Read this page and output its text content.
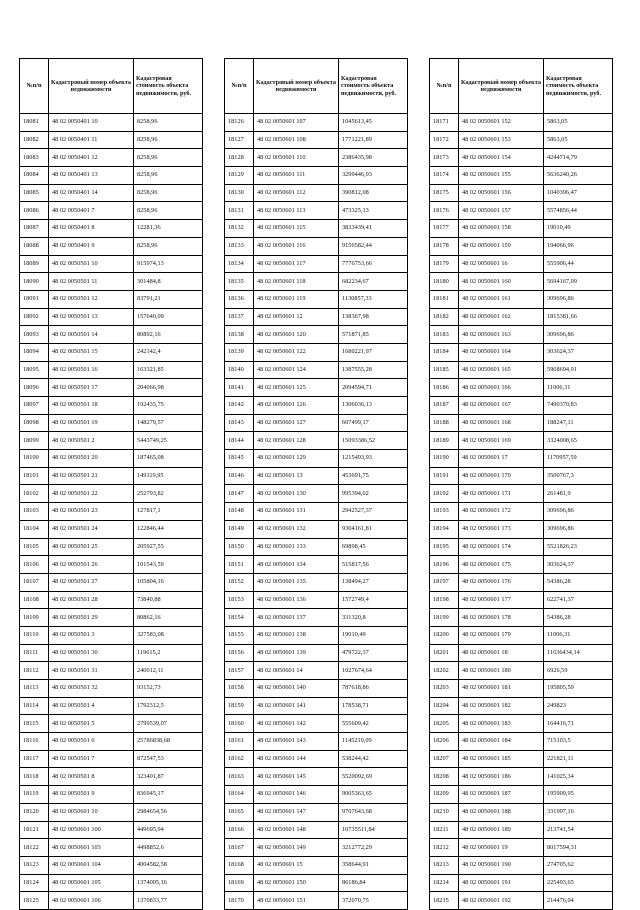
№п/п	Кадастровый номер объекта недвижимости	Кадастровая стоимость объекта недвижимости, руб.
18081	48 02 0050401 10	8258,96
18082	48 02 0050401 11	8258,96
18083	48 02 0050401 12	8258,96
18084	48 02 0050401 13	8258,96
18085	48 02 0050401 14	8258,96
18086	48 02 0050401 7	8258,96
18087	48 02 0050401 8	12281,36
18088	48 02 0050401 9	8258,96
18089	48 02 0050501 10	915974,13
18090	48 02 0050501 11	301484,8
18091	48 02 0050501 12	83791,21
18092	48 02 0050501 13	157640,09
18093	48 02 0050501 14	80892,16
18094	48 02 0050501 15	242142,4
18095	48 02 0050501 16	163321,85
18096	48 02 0050501 17	204066,98
18097	48 02 0050501 18	192435,75
18098	48 02 0050501 19	148279,57
18099	48 02 0050501 2	5443749,25
18100	48 02 0050501 20	187465,08
18101	48 02 0050501 21	149119,95
18102	48 02 0050501 22	252793,82
18103	48 02 0050501 23	127817,1
18104	48 02 0050501 24	122846,44
18105	48 02 0050501 25	205927,55
18106	48 02 0050501 26	101543,59
18107	48 02 0050501 27	105804,16
18108	48 02 0050501 28	73840,88
18109	48 02 0050501 29	80862,16
18110	48 02 0050501 3	327583,08
18111	48 02 0050501 30	119615,2
18112	48 02 0050501 31	240012,11
18113	48 02 0050501 32	93152,73
18114	48 02 0050501 4	1792312,5
18115	48 02 0050501 5	2799539,07
18116	48 02 0050501 6	25786838,68
18117	48 02 0050501 7	872547,53
18118	48 02 0050501 8	323401,87
18119	48 02 0050501 9	836945,17
18120	48 02 0050601 10	2984654,56
18121	48 02 0050601 100	449695,94
18122	48 02 0050601 103	4498852,6
18123	48 02 0050601 104	4004582,58
18124	48 02 0050601 105	1374005,16
18125	48 02 0050601 106	1370833,77
№п/п	Кадастровый номер объекта недвижимости	Кадастровая стоимость объекта недвижимости, руб.
18126	48 02 0050601 107	1045613,45
18127	48 02 0050601 108	1771221,89
18128	48 02 0050601 110	2386435,98
18129	48 02 0050601 111	3299446,93
18130	48 02 0050601 112	390812,08
18131	48 02 0050601 113	473325,13
18132	48 02 0050601 115	3833439,41
18133	48 02 0050601 116	9150582,44
18134	48 02 0050601 117	7776753,66
18135	48 02 0050601 118	682234,67
18136	48 02 0050601 119	1130857,33
18137	48 02 0050601 12	138367,98
18138	48 02 0050601 120	571871,85
18139	48 02 0050601 122	1680221,97
18140	48 02 0050601 124	1387555,28
18141	48 02 0050601 125	2094594,71
18142	48 02 0050601 126	1306036,13
18143	48 02 0050601 127	607499,17
18144	48 02 0050601 128	15093386,52
18145	48 02 0050601 129	1215493,93
18146	48 02 0050601 13	453691,75
18147	48 02 0050601 130	995394,02
18148	48 02 0050601 131	2942527,37
18149	48 02 0050601 132	9304161,81
18150	48 02 0050601 133	69898,45
18151	48 02 0050601 134	515817,56
18152	48 02 0050601 135	138494,27
18153	48 02 0050601 136	1572749,4
18154	48 02 0050601 137	331320,8
18155	48 02 0050601 138	19010,49
18156	48 02 0050601 139	479722,37
18157	48 02 0050601 14	1027674,64
18158	48 02 0050601 140	787618,86
18159	48 02 0050601 141	178538,71
18160	48 02 0050601 142	555609,42
18161	48 02 0050601 143	1145219,09
18162	48 02 0050601 144	538244,42
18163	48 02 0050601 145	5520092,69
18164	48 02 0050601 146	9005363,65
18165	48 02 0050601 147	9707643,68
18166	48 02 0050601 148	10735511,84
18167	48 02 0050601 149	3212772,29
18168	48 02 0050601 15	358644,91
18169	48 02 0050601 150	86186,84
18170	48 02 0050601 151	372070,75
№п/п	Кадастровый номер объекта недвижимости	Кадастровая стоимость объекта недвижимости, руб.
18171	48 02 0050601 152	5863,05
18172	48 02 0050601 153	5863,05
18173	48 02 0050601 154	4244714,79
18174	48 02 0050601 155	5636240,26
18175	48 02 0050601 156	1040396,47
18176	48 02 0050601 157	5574856,44
18177	48 02 0050601 158	19010,49
18178	48 02 0050601 159	194066,96
18179	48 02 0050601 16	555906,44
18180	48 02 0050601 160	5694167,09
18181	48 02 0050601 161	309696,86
18182	48 02 0050601 162	1815381,66
18183	48 02 0050601 163	309696,86
18184	48 02 0050601 164	303624,37
18185	48 02 0050601 165	5968694,91
18186	48 02 0050601 166	11006,31
18187	48 02 0050601 167	7490370,83
18188	48 02 0050601 168	188247,11
18189	48 02 0050601 169	3324008,65
18190	48 02 0050601 17	1170957,59
18191	48 02 0050601 170	3500767,3
18192	48 02 0050601 171	261481,9
18193	48 02 0050601 172	309696,86
18194	48 02 0050601 173	309696,86
18195	48 02 0050601 174	5521826,23
18196	48 02 0050601 175	303624,37
18197	48 02 0050601 176	54386,28
18198	48 02 0050601 177	622741,37
18199	48 02 0050601 178	54386,28
18200	48 02 0050601 179	11006,31
18201	48 02 0050601 18	11636434,14
18202	48 02 0050601 180	6926,59
18203	48 02 0050601 181	195805,59
18204	48 02 0050601 182	249823
18205	48 02 0050601 183	164416,71
18206	48 02 0050601 184	715103,5
18207	48 02 0050601 185	221821,11
18208	48 02 0050601 186	141025,34
18209	48 02 0050601 187	195909,95
18210	48 02 0050601 188	331997,16
18211	48 02 0050601 189	213741,54
18212	48 02 0050601 19	8017594,31
18213	48 02 0050601 190	274705,62
18214	48 02 0050601 191	225493,65
18215	48 02 0050601 192	214476,04
